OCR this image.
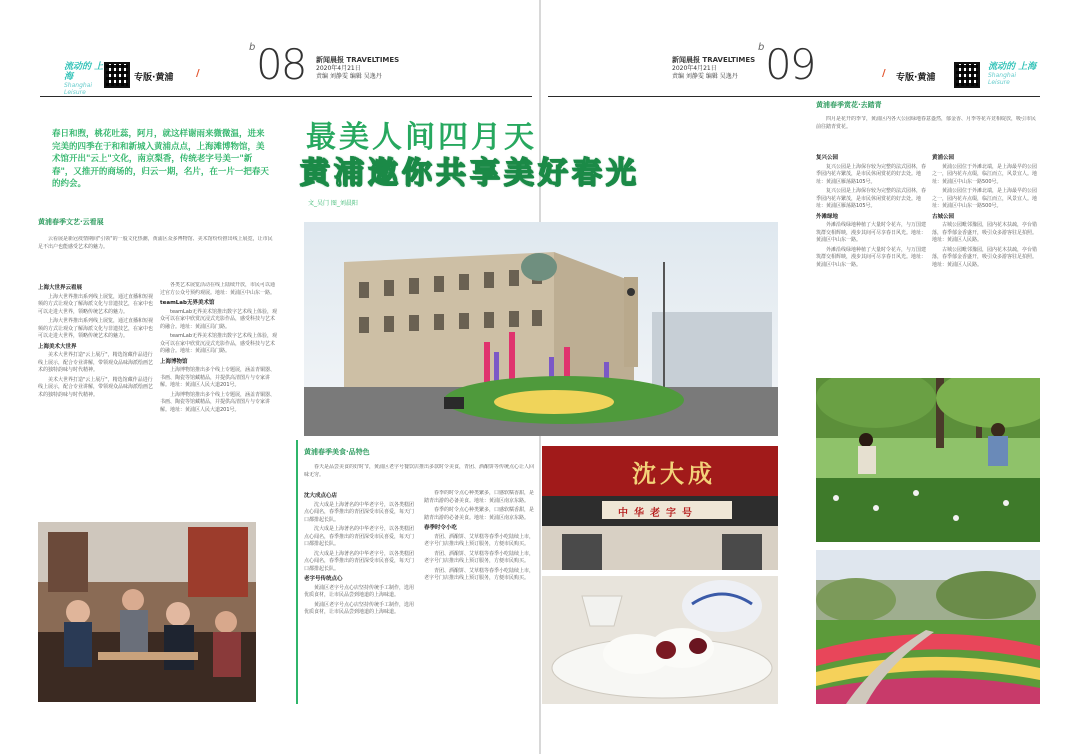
流动的 上海
Shanghai Leisure
专版·黄浦 /
b 08 新闻晨报 TRAVELTIMES
2020年4月21日
责编 刘静雯 编辑 吴逸丹
春日和煦，桃花吐蕊，阿月，就这样谢雨来微微温，进来完美的四季在于和和新城入黄浦点点，上海滩博物馆，美术馆开出"云上"文化，南京梨香，传统老字号美一"新春"，又推开的商场的，归云一期，名片，在一片一把春天的约会。
最美人间四月天
黄浦邀你共享美好春光
文_吴门 图_刘晨阳
黄浦春季文艺·云看展

云看展是新冠疫情期间"引领"的一股文化热潮，黄浦区众多博物馆、美术馆纷纷推出线上展览，让市民足不出户也能感受艺术的魅力。

上海大世界云看展

上海大世界推出系列线上展览，通过直播和短视频的方式让观众了解海派文化与非遗技艺，在家中也可以走进大世界，领略传统艺术的魅力。

上海大世界推出系列线上展览，通过直播和短视频的方式让观众了解海派文化与非遗技艺，在家中也可以走进大世界，领略传统艺术的魅力。

上海美术大世界

美术大世界打造"云上展厅"，精选馆藏作品进行线上展示，配合专业讲解，带领观众品味海派绘画艺术的独特韵味与时代精神。

美术大世界打造"云上展厅"，精选馆藏作品进行线上展示，配合专业讲解，带领观众品味海派绘画艺术的独特韵味与时代精神。

各类艺术展览活动在线上陆续开放，市民可以通过官方公众号预约观展。地址：黄浦区中山东一路。

teamLab无界美术馆

teamLab无界美术馆推出数字艺术线上体验，观众可以在家中欣赏沉浸式光影作品，感受科技与艺术的融合。地址：黄浦区局门路。

teamLab无界美术馆推出数字艺术线上体验，观众可以在家中欣赏沉浸式光影作品，感受科技与艺术的融合。地址：黄浦区局门路。

上海博物馆

上海博物馆推出多个线上专题展，涵盖青铜器、书画、陶瓷等馆藏精品，并提供高清图片与专家讲解。地址：黄浦区人民大道201号。

上海博物馆推出多个线上专题展，涵盖青铜器、书画、陶瓷等馆藏精品，并提供高清图片与专家讲解。地址：黄浦区人民大道201号。

黄浦春季美食·品特色

春天是品尝美食的好时节，黄浦区老字号餐饮店推出多款时令美食，青团、酒酿饼等传统点心让人回味无穷。

沈大成点心店

沈大成是上海著名的中华老字号，以各类糕团点心闻名，春季推出的青团深受市民喜爱，每天门口都排起长队。

沈大成是上海著名的中华老字号，以各类糕团点心闻名，春季推出的青团深受市民喜爱，每天门口都排起长队。

沈大成是上海著名的中华老字号，以各类糕团点心闻名，春季推出的青团深受市民喜爱，每天门口都排起长队。

老字号传统点心

黄浦区老字号点心店坚持传统手工制作，选用优质食材，让市民品尝到地道的上海味道。

黄浦区老字号点心店坚持传统手工制作，选用优质食材，让市民品尝到地道的上海味道。

春季的时令点心种类繁多，口感软糯香甜，是踏青出游的必备美食。地址：黄浦区南京东路。

春季的时令点心种类繁多，口感软糯香甜，是踏青出游的必备美食。地址：黄浦区南京东路。

春季时令小吃

青团、酒酿饼、艾草糕等春季小吃陆续上市，老字号门店推出线上预订服务，方便市民购买。

青团、酒酿饼、艾草糕等春季小吃陆续上市，老字号门店推出线上预订服务，方便市民购买。

青团、酒酿饼、艾草糕等春季小吃陆续上市，老字号门店推出线上预订服务，方便市民购买。

沈大成
中华老字号
新闻晨报 TRAVELTIMES
2020年4月21日
责编 刘静雯 编辑 吴逸丹
b 09	/ 专版·黄浦
流动的 上海
Shanghai Leisure
黄浦春季赏花·去踏青

四月是花开的季节，黄浦区内各大公园绿地春意盎然，郁金香、月季等花卉竞相绽放，吸引市民前往踏青赏花。

复兴公园

复兴公园是上海保存较为完整的法式园林，春季园内花卉繁茂，是市民休闲赏花的好去处。地址：黄浦区雁荡路105号。

复兴公园是上海保存较为完整的法式园林，春季园内花卉繁茂，是市民休闲赏花的好去处。地址：黄浦区雁荡路105号。

外滩绿地

外滩沿线绿地种植了大量时令花卉，与万国建筑群交相辉映，漫步其间可尽享春日风光。地址：黄浦区中山东一路。

外滩沿线绿地种植了大量时令花卉，与万国建筑群交相辉映，漫步其间可尽享春日风光。地址：黄浦区中山东一路。

黄浦公园

黄浦公园位于外滩北端，是上海最早的公园之一，园内花卉点缀，临江而立，风景宜人。地址：黄浦区中山东一路500号。

黄浦公园位于外滩北端，是上海最早的公园之一，园内花卉点缀，临江而立，风景宜人。地址：黄浦区中山东一路500号。

古城公园

古城公园毗邻豫园，园内花木扶疏，亭台错落，春季郁金香盛开，吸引众多游客驻足拍照。地址：黄浦区人民路。

古城公园毗邻豫园，园内花木扶疏，亭台错落，春季郁金香盛开，吸引众多游客驻足拍照。地址：黄浦区人民路。
